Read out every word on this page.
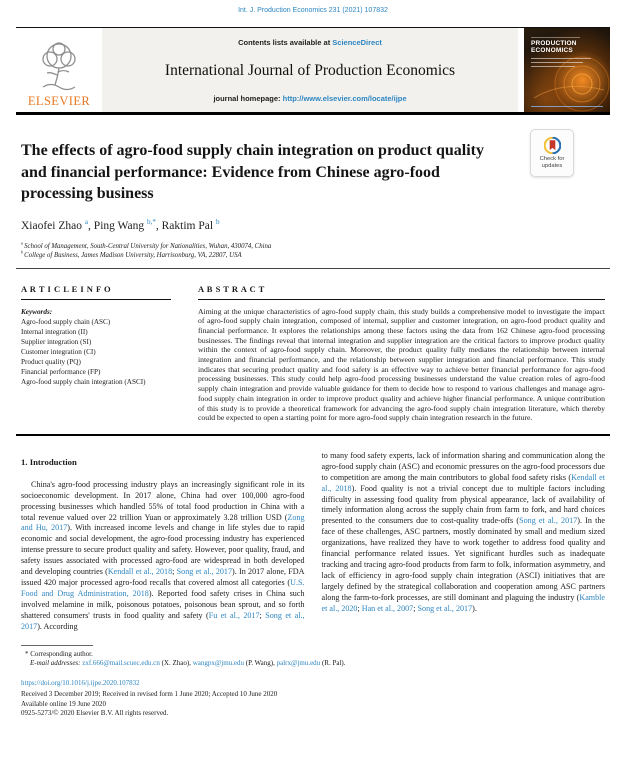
Int. J. Production Economics 231 (2021) 107832
ELSEVIER
Contents lists available at ScienceDirect
International Journal of Production Economics
journal homepage: http://www.elsevier.com/locate/ijpe
PRODUCTION ECONOMICS
Check for updates
The effects of agro-food supply chain integration on product quality and financial performance: Evidence from Chinese agro-food processing business
Xiaofei Zhao $^a$, Ping Wang $^{b,*}$, Raktim Pal $^b$
$^a$ School of Management, South-Central University for Nationalities, Wuhan, 430074, China
$^b$ College of Business, James Madison University, Harrisonburg, VA, 22807, USA
A R T I C L E I N F O
Keywords:
Agro-food supply chain (ASC)
Internal integration (II)
Supplier integration (SI)
Customer integration (CI)
Product quality (PQ)
Financial performance (FP)
Agro-food supply chain integration (ASCI)
A B S T R A C T
Aiming at the unique characteristics of agro-food supply chain, this study builds a comprehensive model to investigate the impact of agro-food supply chain integration, composed of internal, supplier and customer integration, on agro-food product quality and financial performance. It explores the relationships among these factors using the data from 162 Chinese agro-food processing businesses. The findings reveal that internal integration and supplier integration are the critical factors to improve product quality within the context of agro-food supply chain. Moreover, the product quality fully mediates the relationship between internal integration and financial performance, and the relationship between supplier integration and financial performance. This study indicates that securing product quality and food safety is an effective way to achieve better financial performance for agro-food processing businesses. This study could help agro-food processing businesses understand the value creation roles of agro-food supply chain integration and provide valuable guidance for them to decide how to respond to various challenges and manage agro-food supply chain integration in order to improve product quality and achieve higher financial performance. A unique contribution of this study is to provide a theoretical framework for advancing the agro-food supply chain integration literature, which thereby could be expected to open a starting point for more agro-food supply chain integration research in the future.
1. Introduction

China's agro-food processing industry plays an increasingly significant role in its socioeconomic development. In 2017 alone, China had over 100,000 agro-food processing businesses which handled 55% of total food production in China with a total revenue valued over 22 trillion Yuan or approximately 3.28 trillion USD (Zong and Hu, 2017). With increased income levels and change in life styles due to rapid economic and social development, the agro-food processing industry has experienced intense pressure to secure product quality and safety. However, poor quality, fraud, and safety issues associated with processed agro-food are widespread in both developed and developing countries (Kendall et al., 2018; Song et al., 2017). In 2017 alone, FDA issued 420 major processed agro-food recalls that covered almost all categories (U.S. Food and Drug Administration, 2018). Reported food safety crises in China such involved melamine in milk, poisonous potatoes, poisonous bean sprout, and so forth shattered consumers' trusts in food quality and safety (Fu et al., 2017; Song et al., 2017). According

to many food safety experts, lack of information sharing and communication along the agro-food supply chain (ASC) and economic pressures on the agro-food processors due to competition are among the main contributors to global food safety risks (Kendall et al., 2018). Food quality is not a trivial concept due to multiple factors including difficulty in assessing food quality from physical appearance, lack of availability of timely information along across the supply chain from farm to fork, and hard choices presented to the consumers due to cost-quality trade-offs (Song et al., 2017). In the face of these challenges, ASC partners, mostly dominated by small and medium sized organizations, have realized they have to work together to address food quality and financial performance related issues. Yet significant hurdles such as inadequate tracking and tracing agro-food products from farm to folk, information asymmetry, and lack of efficiency in agro-food supply chain integration (ASCI) initiatives that are largely defined by the strategical collaboration and cooperation among ASC partners along the farm-to-fork processes, are still dominant and plaguing the industry (Kamble et al., 2020; Han et al., 2007; Song et al., 2017).

* Corresponding author.
E-mail addresses: zxf.666@mail.scuec.edu.cn (X. Zhao), wangpx@jmu.edu (P. Wang), palrx@jmu.edu (R. Pal).
https://doi.org/10.1016/j.ijpe.2020.107832
Received 3 December 2019; Received in revised form 1 June 2020; Accepted 10 June 2020
Available online 19 June 2020
0925-5273/© 2020 Elsevier B.V. All rights reserved.
